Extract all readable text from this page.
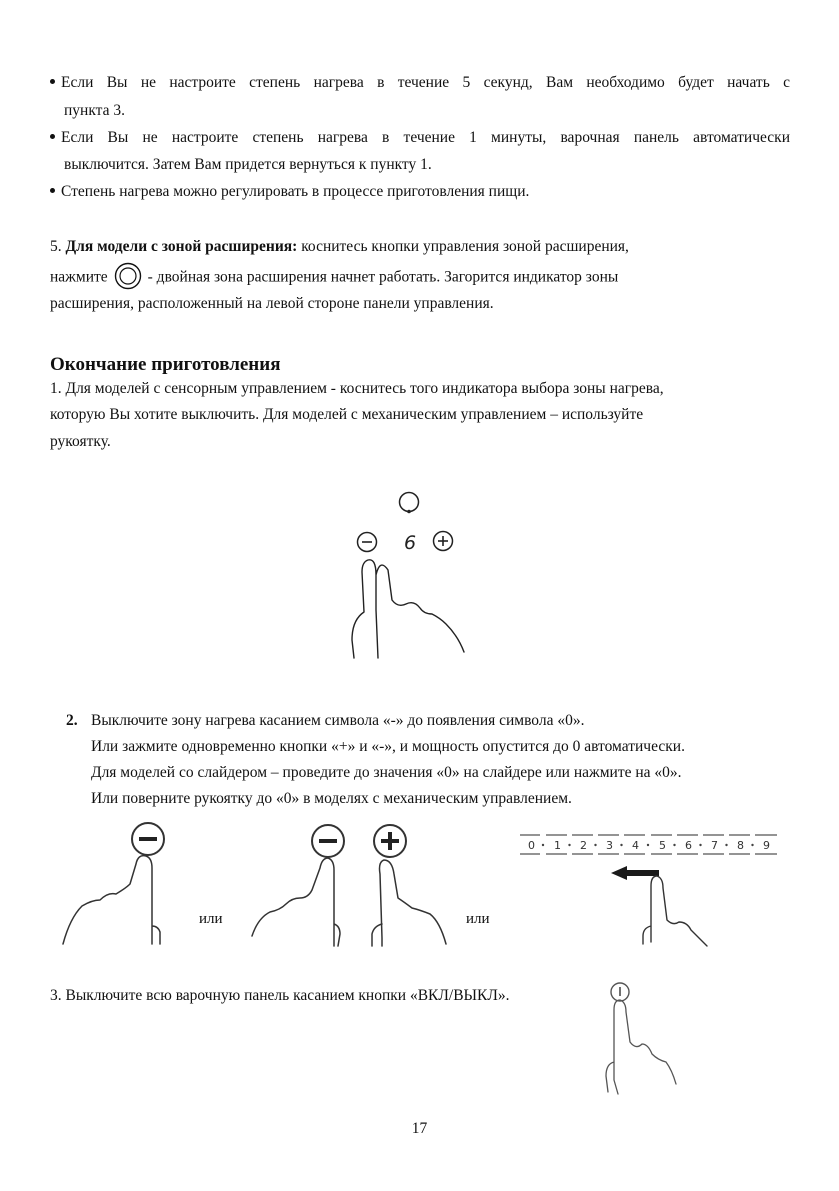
Если Вы не настроите степень нагрева в течение 5 секунд, Вам необходимо будет начать с
пункта 3.
Если Вы не настроите степень нагрева в течение 1 минуты, варочная панель автоматически
выключится. Затем Вам придется вернуться к пункту 1.
Степень нагрева можно регулировать в процессе приготовления пищи.
5. Для модели с зоной расширения: коснитесь кнопки управления зоной расширения,
нажмите	- двойная зона расширения начнет работать. Загорится индикатор зоны
расширения, расположенный на левой стороне панели управления.
Окончание приготовления
1. Для моделей с сенсорным управлением - коснитесь того индикатора выбора зоны нагрева,
которую Вы хотите выключить. Для моделей с механическим управлением – используйте
рукоятку.
6
2. Выключите зону нагрева касанием символа «-» до появления символа «0».
Или зажмите одновременно кнопки «+» и «-», и мощность опустится до 0 автоматически.
Для моделей со слайдером – проведите до значения «0» на слайдере или нажмите на «0».
Или поверните рукоятку до «0» в моделях с механическим управлением.
или	или
0 1 2 3 4 5 6 7 8 9
3. Выключите всю варочную панель касанием кнопки «ВКЛ/ВЫКЛ».
17
